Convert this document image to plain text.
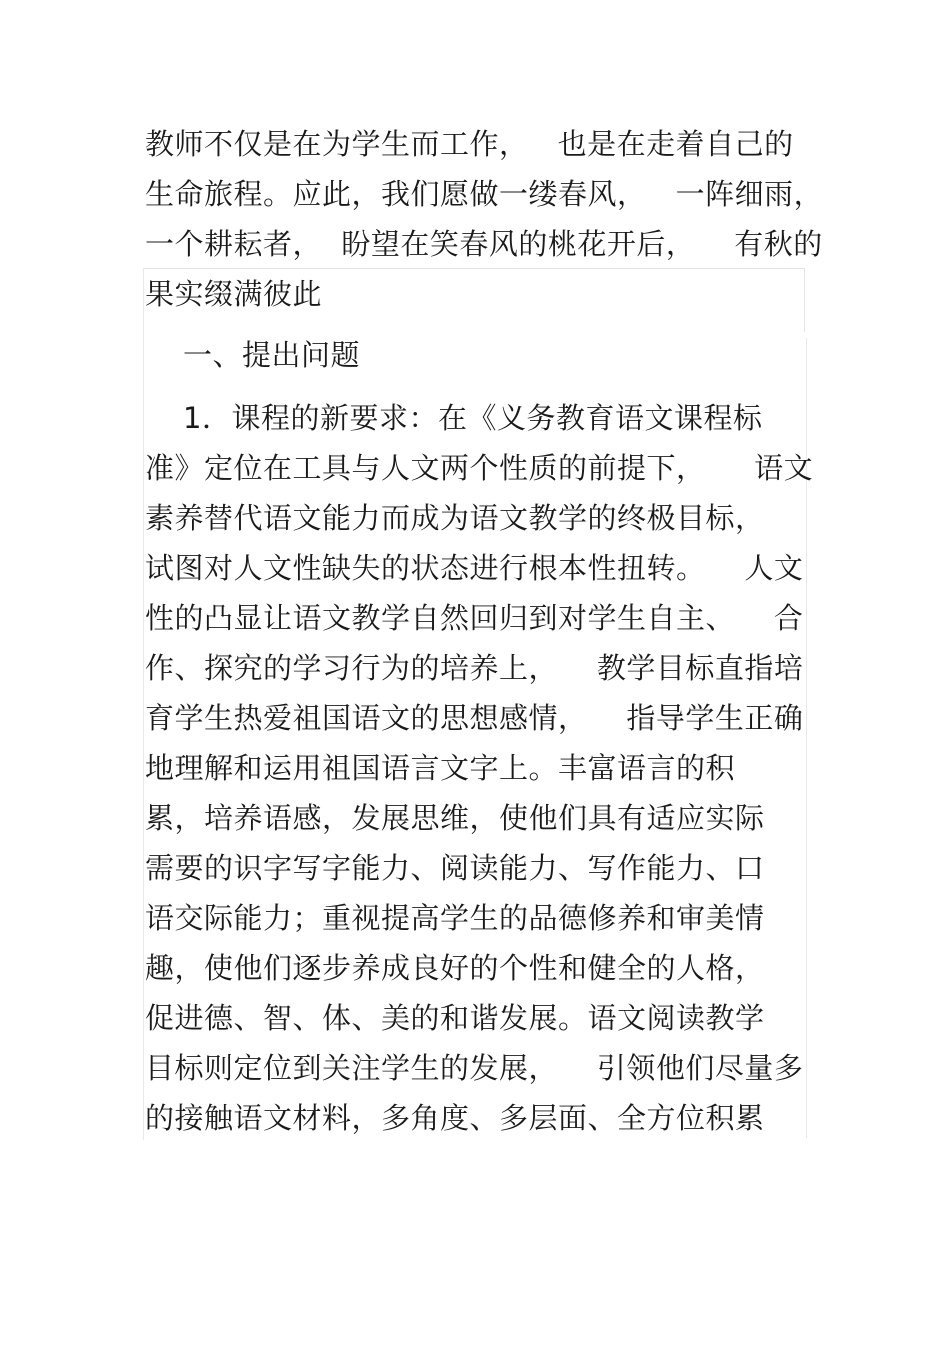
教师不仅是在为学生而工作，   也是在走着自己的
生命旅程。应此，我们愿做一缕春风，   一阵细雨，
一个耕耘者，  盼望在笑春风的桃花开后，    有秋的
果实缀满彼此
一、提出问题
1．课程的新要求：在《义务教育语文课程标
准》定位在工具与人文两个性质的前提下，     语文
素养替代语文能力而成为语文教学的终极目标，
试图对人文性缺失的状态进行根本性扭转。    人文
性的凸显让语文教学自然回归到对学生自主、    合
作、探究的学习行为的培养上，    教学目标直指培
育学生热爱祖国语文的思想感情，    指导学生正确
地理解和运用祖国语言文字上。丰富语言的积
累，培养语感，发展思维，使他们具有适应实际
需要的识字写字能力、阅读能力、写作能力、口
语交际能力；重视提高学生的品德修养和审美情
趣，使他们逐步养成良好的个性和健全的人格，
促进德、智、体、美的和谐发展。语文阅读教学
目标则定位到关注学生的发展，    引领他们尽量多
的接触语文材料，多角度、多层面、全方位积累
